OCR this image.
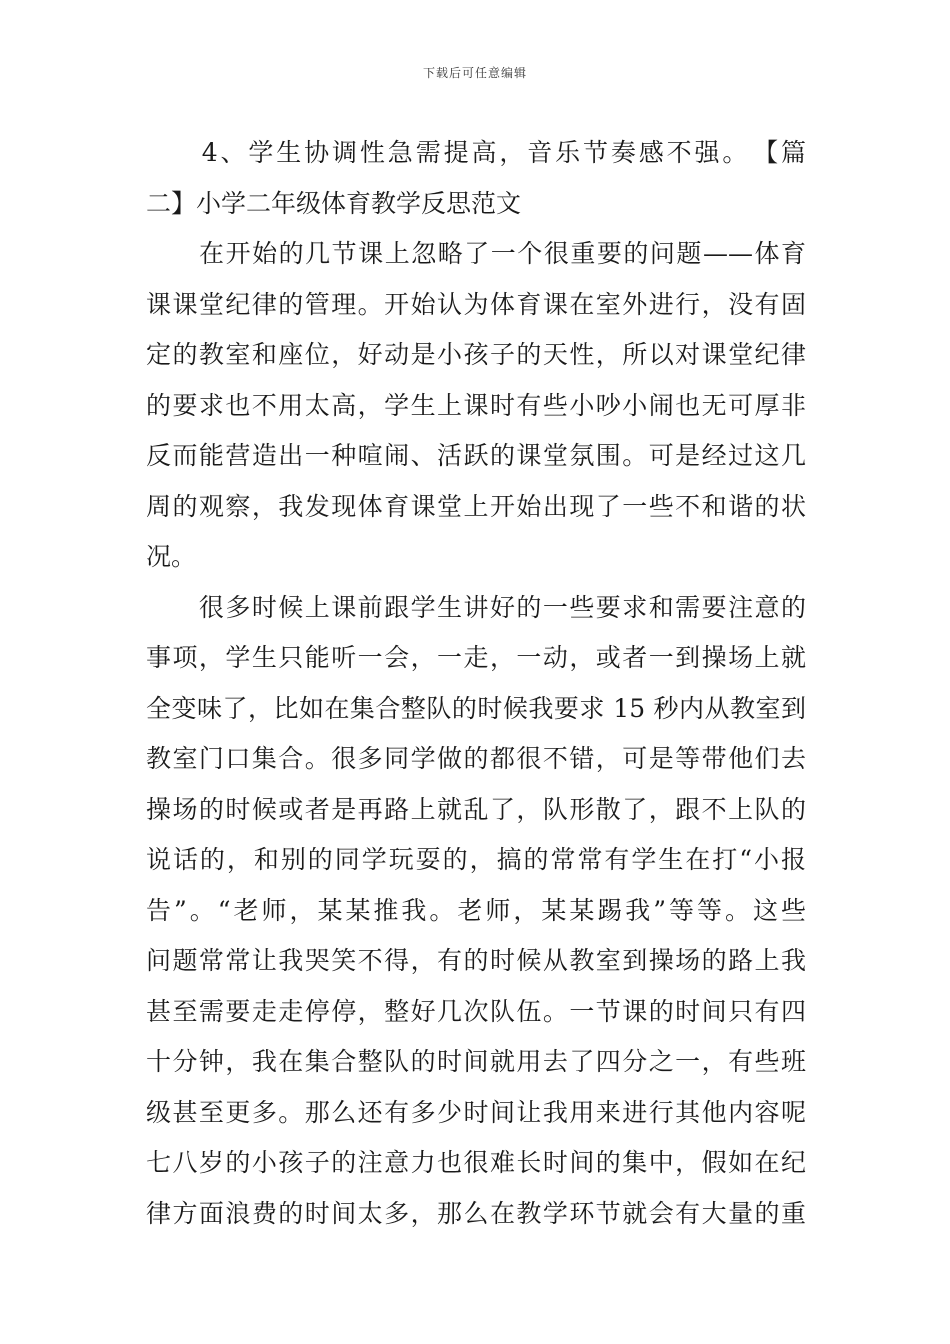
下载后可任意编辑
　　4、学生协调性急需提高，音乐节奏感不强。　【篇
二】小学二年级体育教学反思范文
　　在开始的几节课上忽略了一个很重要的问题——体育
课课堂纪律的管理。开始认为体育课在室外进行，没有固
定的教室和座位，好动是小孩子的天性，所以对课堂纪律
的要求也不用太高，学生上课时有些小吵小闹也无可厚非
反而能营造出一种喧闹、活跃的课堂氛围。可是经过这几
周的观察，我发现体育课堂上开始出现了一些不和谐的状
况。
　　很多时候上课前跟学生讲好的一些要求和需要注意的
事项，学生只能听一会，一走，一动，或者一到操场上就
全变味了，比如在集合整队的时候我要求 15 秒内从教室到
教室门口集合。很多同学做的都很不错，可是等带他们去
操场的时候或者是再路上就乱了，队形散了，跟不上队的
说话的，和别的同学玩耍的，搞的常常有学生在打“小报
告”。“老师，某某推我。老师，某某踢我”等等。这些
问题常常让我哭笑不得，有的时候从教室到操场的路上我
甚至需要走走停停，整好几次队伍。一节课的时间只有四
十分钟，我在集合整队的时间就用去了四分之一，有些班
级甚至更多。那么还有多少时间让我用来进行其他内容呢
七八岁的小孩子的注意力也很难长时间的集中，假如在纪
律方面浪费的时间太多，那么在教学环节就会有大量的重
